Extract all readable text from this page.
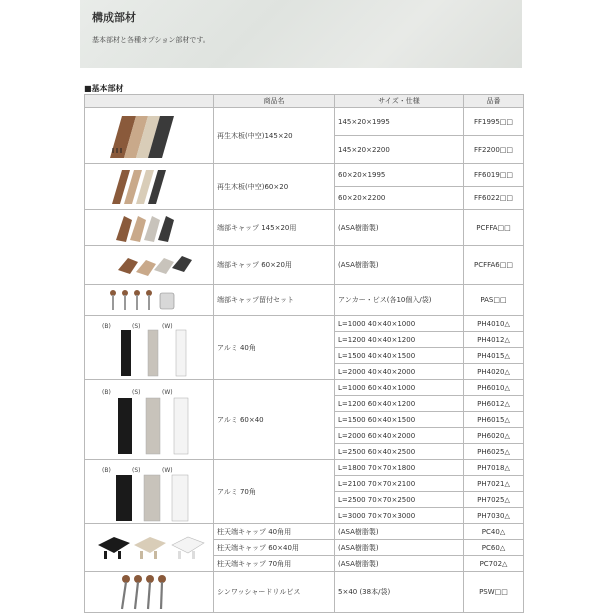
構成部材
基本部材と各種オプション部材です。
■基本部材
	商品名	サイズ・仕様	品番

	再生木板(中空)145×20	145×20×1995	FF1995□□
		145×20×2200	FF2200□□

	再生木板(中空)60×20	60×20×1995	FF6019□□
		60×20×2200	FF6022□□

	端部キャップ 145×20用	(ASA樹脂製)	PCFFA□□

	端部キャップ 60×20用	(ASA樹脂製)	PCFFA6□□

	端部キャップ留付セット	アンカー・ビス(各10個入/袋)	PAS□□

(B) (S) (W)	アルミ 40角	L=1000 40×40×1000	PH4010△
		L=1200 40×40×1200	PH4012△
		L=1500 40×40×1500	PH4015△
		L=2000 40×40×2000	PH4020△

(B) (S) (W)	アルミ 60×40	L=1000 60×40×1000	PH6010△
		L=1200 60×40×1200	PH6012△
		L=1500 60×40×1500	PH6015△
		L=2000 60×40×2000	PH6020△
		L=2500 60×40×2500	PH6025△

(B) (S) (W)	アルミ 70角	L=1800 70×70×1800	PH7018△
		L=2100 70×70×2100	PH7021△
		L=2500 70×70×2500	PH7025△
		L=3000 70×70×3000	PH7030△

	柱天端キャップ 40角用	(ASA樹脂製)	PC40△
	柱天端キャップ 60×40用	(ASA樹脂製)	PC60△
	柱天端キャップ 70角用	(ASA樹脂製)	PC702△

	シンワッシャードリルビス	5×40 (38本/袋)	PSW□□
